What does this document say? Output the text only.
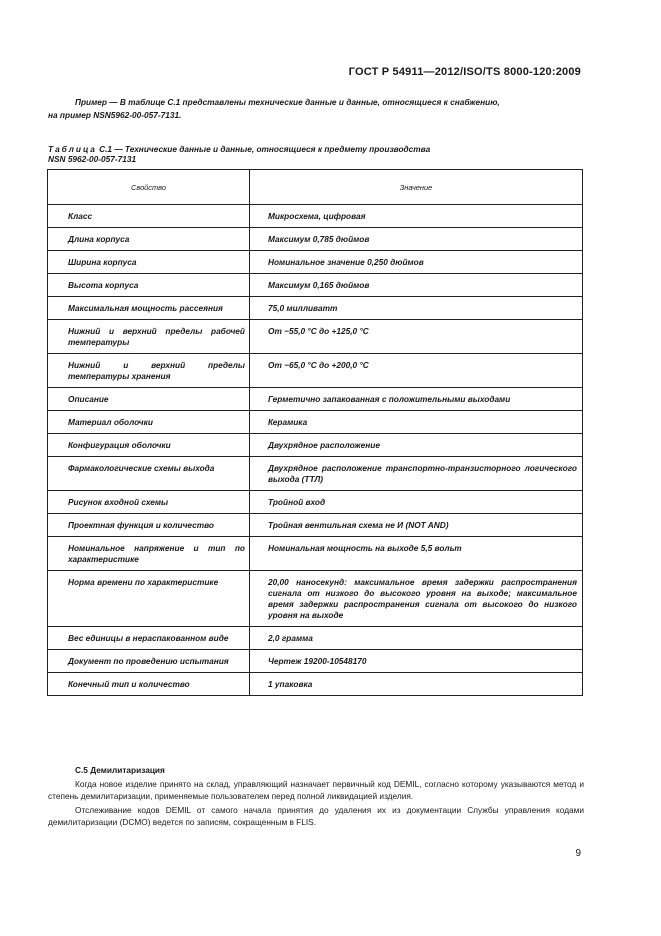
ГОСТ Р 54911—2012/ISO/TS 8000-120:2009
Пример — В таблице С.1 представлены технические данные и данные, относящиеся к снабжению,
на пример NSN5962-00-057-7131.
Таблица С.1 — Технические данные и данные, относящиеся к предмету производства
NSN 5962-00-057-7131
Свойство	Значение
Класс	Микросхема, цифровая
Длина корпуса	Максимум 0,785 дюймов
Ширина корпуса	Номинальное значение 0,250 дюймов
Высота корпуса	Максимум 0,165 дюймов
Максимальная мощность рассеяния	75,0 милливатт
Нижний и верхний пределы рабочей температуры	От −55,0 °С до +125,0 °С
Нижний и верхний пределы температуры хранения	От −65,0 °С до +200,0 °С
Описание	Герметично запакованная с положительными выходами
Материал оболочки	Керамика
Конфигурация оболочки	Двухрядное расположение
Фармакологические схемы выхода	Двухрядное расположение транспортно-транзисторного логического выхода (ТТЛ)
Рисунок входной схемы	Тройной вход
Проектная функция и количество	Тройная вентильная схема не И (NOT AND)
Номинальное напряжение и тип по характеристике	Номинальная мощность на выходе 5,5 вольт
Норма времени по характеристике	20,00 наносекунд: максимальное время задержки распространения сигнала от низкого до высокого уровня на выходе; максимальное время задержки распространения сигнала от высокого до низкого уровня на выходе
Вес единицы в нераспакованном виде	2,0 грамма
Документ по проведению испытания	Чертеж 19200-10548170
Конечный тип и количество	1 упаковка
С.5 Демилитаризация

Когда новое изделие принято на склад, управляющий назначает первичный код DEMIL, согласно которому указываются метод и степень демилитаризации, применяемые пользователем перед полной ликвидацией изделия.

Отслеживание кодов DEMIL от самого начала принятия до удаления их из документации Службы управления кодами демилитаризации (DCMO) ведется по записям, сокращенным в FLIS.

9
